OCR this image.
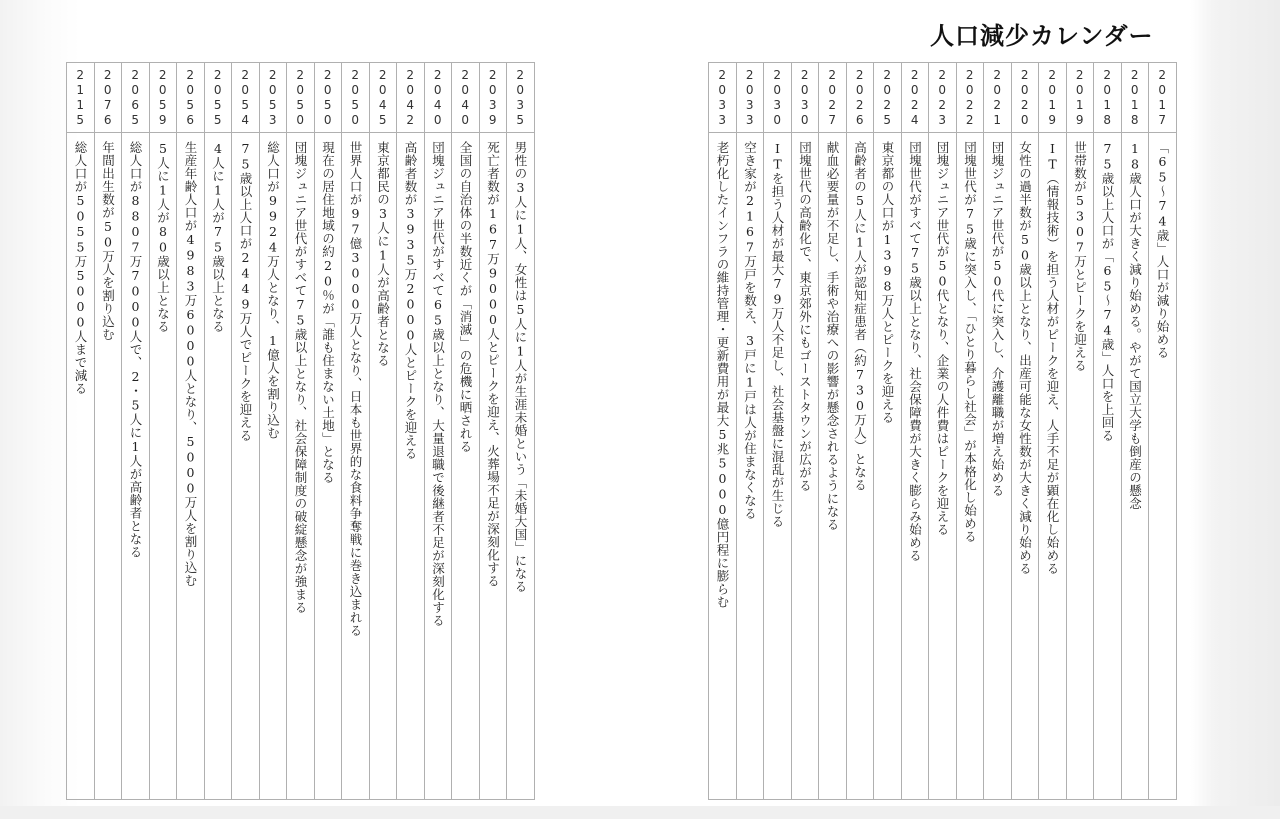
人口減少カレンダー
2
0
1
7
「65〜74歳」人口が減り始める
2
0
1
8
18歳人口が大きく減り始める。やがて国立大学も倒産の懸念
2
0
1
8
75歳以上人口が「65〜74歳」人口を上回る
2
0
1
9
世帯数が5307万とピークを迎える
2
0
1
9
IT（情報技術）を担う人材がピークを迎え、人手不足が顕在化し始める
2
0
2
0
女性の過半数が50歳以上となり、出産可能な女性数が大きく減り始める
2
0
2
1
団塊ジュニア世代が50代に突入し、介護離職が増え始める
2
0
2
2
団塊世代が75歳に突入し、「ひとり暮らし社会」が本格化し始める
2
0
2
3
団塊ジュニア世代が50代となり、企業の人件費はピークを迎える
2
0
2
4
団塊世代がすべて75歳以上となり、社会保障費が大きく膨らみ始める
2
0
2
5
東京都の人口が1398万人とピークを迎える
2
0
2
6
高齢者の5人に1人が認知症患者（約730万人）となる
2
0
2
7
献血必要量が不足し、手術や治療への影響が懸念されるようになる
2
0
3
0
団塊世代の高齢化で、東京郊外にもゴーストタウンが広がる
2
0
3
0
ITを担う人材が最大79万人不足し、社会基盤に混乱が生じる
2
0
3
3
空き家が2167万戸を数え、3戸に1戸は人が住まなくなる
2
0
3
3
老朽化したインフラの維持管理・更新費用が最大5兆5000億円程に膨らむ
2
0
3
5
男性の3人に1人、女性は5人に1人が生涯未婚という「未婚大国」になる
2
0
3
9
死亡者数が167万9000人とピークを迎え、火葬場不足が深刻化する
2
0
4
0
全国の自治体の半数近くが「消滅」の危機に晒される
2
0
4
0
団塊ジュニア世代がすべて65歳以上となり、大量退職で後継者不足が深刻化する
2
0
4
2
高齢者数が3935万2000人とピークを迎える
2
0
4
5
東京都民の3人に1人が高齢者となる
2
0
5
0
世界人口が97億3000万人となり、日本も世界的な食料争奪戦に巻き込まれる
2
0
5
0
現在の居住地域の約20％が「誰も住まない土地」となる
2
0
5
0
団塊ジュニア世代がすべて75歳以上となり、社会保障制度の破綻懸念が強まる
2
0
5
3
総人口が9924万人となり、1億人を割り込む
2
0
5
4
75歳以上人口が2449万人でピークを迎える
2
0
5
5
4人に1人が75歳以上となる
2
0
5
6
生産年齢人口が4983万6000人となり、5000万人を割り込む
2
0
5
9
5人に1人が80歳以上となる
2
0
6
5
総人口が8807万7000人で、2・5人に1人が高齢者となる
2
0
7
6
年間出生数が50万人を割り込む
2
1
1
5
総人口が5055万5000人まで減る
